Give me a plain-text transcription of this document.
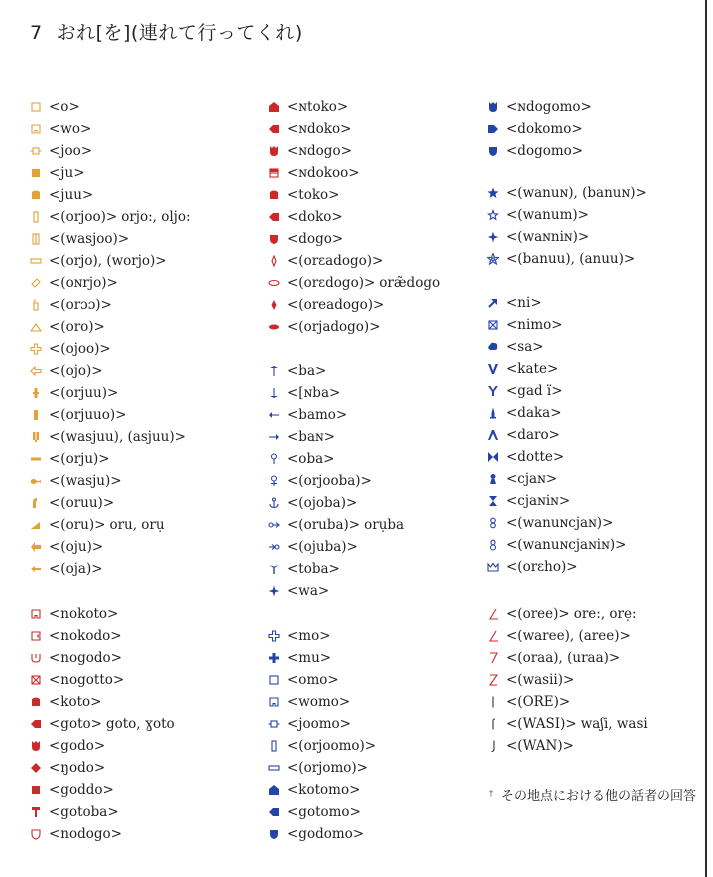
7 おれ[を](連れて行ってくれ)
<o>
<wo>
<joo>
<ju>
<juu>
<(orjoo)> orjo:, oljo:
<(wasjoo)>
<(orjo), (worjo)>
<(oɴrjo)>
<(orɔɔ)>
<(oro)>
<(ojoo)>
<(ojo)>
<(orjuu)>
<(orjuuo)>
<(wasjuu), (asjuu)>
<(orju)>
<(wasju)>
<(oruu)>
<(oru)> oru, orụ
<(oju)>
<(oja)>
<nokoto>
<nokodo>
<nogodo>
<nogotto>
<koto>
<goto> goto, ɣoto
<godo>
<ŋodo>
<goddo>
<gotoba>
<nodogo>
<ɴtoko>
<ɴdoko>
<ɴdogo>
<ɴdokoo>
<toko>
<doko>
<dogo>
<(orɛadogo)>
<(orɛdogo)> oræ̃dogo
<(oreadogo)>
<(orjadogo)>
<ba>
<[ɴba>
<bamo>
<baɴ>
<oba>
<(orjooba)>
<(ojoba)>
<(oruba)> orụba
<(ojuba)>
<toba>
<wa>
<mo>
<mu>
<omo>
<womo>
<joomo>
<(orjoomo)>
<(orjomo)>
<kotomo>
<gotomo>
<godomo>
<ɴdogomo>
<dokomo>
<dogomo>
<(wanuɴ), (banuɴ)>
<(wanum)>
<(waɴniɴ)>
<(banuu), (anuu)>
<ni>
<nimo>
<sa>
<kate>
<gad ï>
<daka>
<daro>
<dotte>
<cjaɴ>
<cjaɴiɴ>
<(wanuɴcjaɴ)>
<(wanuɴcjaɴiɴ)>
<(orɛho)>
<(oree)> ore:, orẹ:
<(waree), (aree)>
<(oraa), (uraa)>
<(wasii)>
<(ORE)>
<(WASI)> waʃi, wasi
<(WAN)>
† その地点における他の話者の回答
